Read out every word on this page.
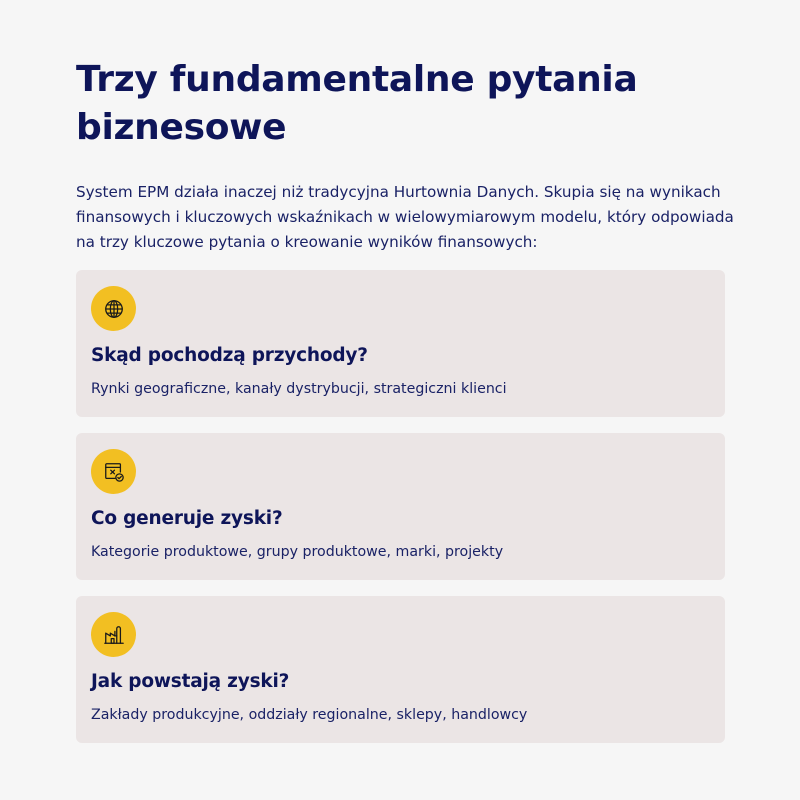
Trzy fundamentalne pytania biznesowe

System EPM działa inaczej niż tradycyjna Hurtownia Danych. Skupia się na wynikach finansowych i kluczowych wskaźnikach w wielowymiarowym modelu, który odpowiada na trzy kluczowe pytania o kreowanie wyników finansowych:

Skąd pochodzą przychody?

Rynki geograficzne, kanały dystrybucji, strategiczni klienci

Co generuje zyski?

Kategorie produktowe, grupy produktowe, marki, projekty

Jak powstają zyski?

Zakłady produkcyjne, oddziały regionalne, sklepy, handlowcy
